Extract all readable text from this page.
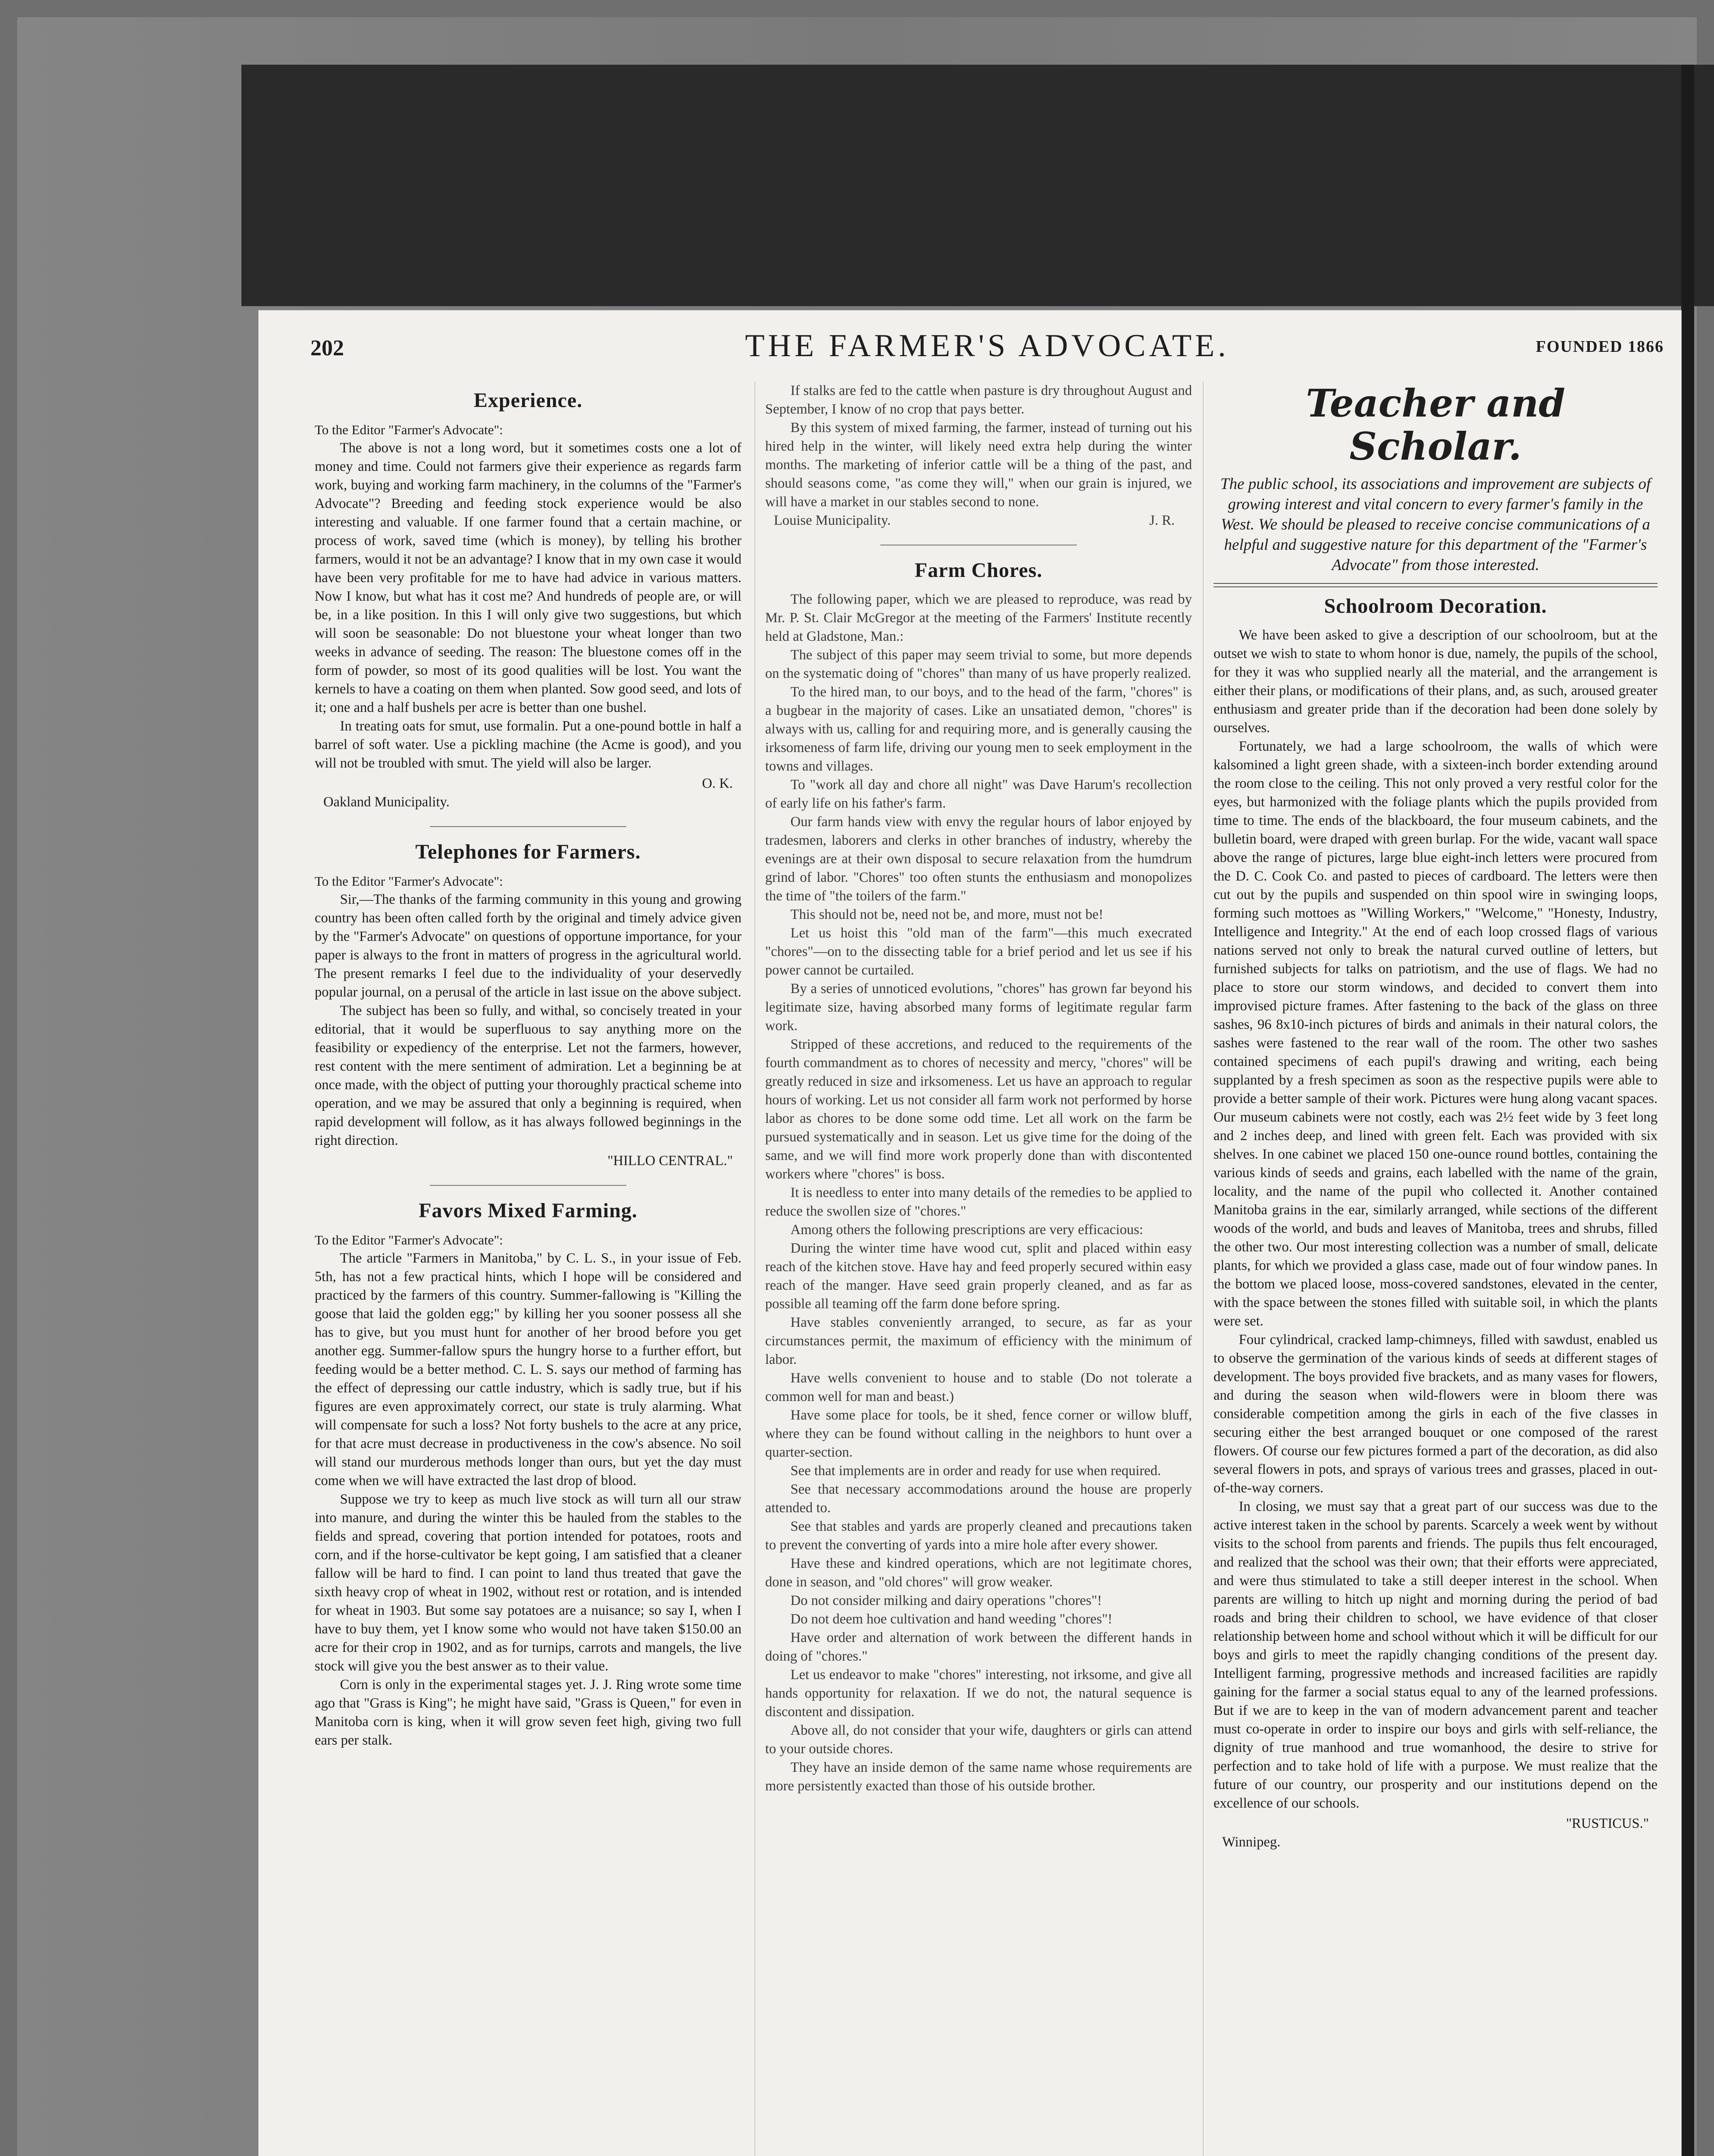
202	THE FARMER'S ADVOCATE.	FOUNDED 1866
Experience.

To the Editor "Farmer's Advocate":

The above is not a long word, but it sometimes costs one a lot of money and time. Could not farmers give their experience as regards farm work, buying and working farm machinery, in the columns of the "Farmer's Advocate"? Breeding and feeding stock experience would be also interesting and valuable. If one farmer found that a certain machine, or process of work, saved time (which is money), by telling his brother farmers, would it not be an advantage? I know that in my own case it would have been very profitable for me to have had advice in various matters. Now I know, but what has it cost me? And hundreds of people are, or will be, in a like position. In this I will only give two suggestions, but which will soon be seasonable: Do not bluestone your wheat longer than two weeks in advance of seeding. The reason: The bluestone comes off in the form of powder, so most of its good qualities will be lost. You want the kernels to have a coating on them when planted. Sow good seed, and lots of it; one and a half bushels per acre is better than one bushel.

In treating oats for smut, use formalin. Put a one-pound bottle in half a barrel of soft water. Use a pickling machine (the Acme is good), and you will not be troubled with smut. The yield will also be larger.

O. K.

Oakland Municipality.

Telephones for Farmers.

To the Editor "Farmer's Advocate":

Sir,—The thanks of the farming community in this young and growing country has been often called forth by the original and timely advice given by the "Farmer's Advocate" on questions of opportune importance, for your paper is always to the front in matters of progress in the agricultural world. The present remarks I feel due to the individuality of your deservedly popular journal, on a perusal of the article in last issue on the above subject.

The subject has been so fully, and withal, so concisely treated in your editorial, that it would be superfluous to say anything more on the feasibility or expediency of the enterprise. Let not the farmers, however, rest content with the mere sentiment of admiration. Let a beginning be at once made, with the object of putting your thoroughly practical scheme into operation, and we may be assured that only a beginning is required, when rapid development will follow, as it has always followed beginnings in the right direction.

"HILLO CENTRAL."

Favors Mixed Farming.

To the Editor "Farmer's Advocate":

The article "Farmers in Manitoba," by C. L. S., in your issue of Feb. 5th, has not a few practical hints, which I hope will be considered and practiced by the farmers of this country. Summer-fallowing is "Killing the goose that laid the golden egg;" by killing her you sooner possess all she has to give, but you must hunt for another of her brood before you get another egg. Summer-fallow spurs the hungry horse to a further effort, but feeding would be a better method. C. L. S. says our method of farming has the effect of depressing our cattle industry, which is sadly true, but if his figures are even approximately correct, our state is truly alarming. What will compensate for such a loss? Not forty bushels to the acre at any price, for that acre must decrease in productiveness in the cow's absence. No soil will stand our murderous methods longer than ours, but yet the day must come when we will have extracted the last drop of blood.

Suppose we try to keep as much live stock as will turn all our straw into manure, and during the winter this be hauled from the stables to the fields and spread, covering that portion intended for potatoes, roots and corn, and if the horse-cultivator be kept going, I am satisfied that a cleaner fallow will be hard to find. I can point to land thus treated that gave the sixth heavy crop of wheat in 1902, without rest or rotation, and is intended for wheat in 1903. But some say potatoes are a nuisance; so say I, when I have to buy them, yet I know some who would not have taken $150.00 an acre for their crop in 1902, and as for turnips, carrots and mangels, the live stock will give you the best answer as to their value.

Corn is only in the experimental stages yet. J. J. Ring wrote some time ago that "Grass is King"; he might have said, "Grass is Queen," for even in Manitoba corn is king, when it will grow seven feet high, giving two full ears per stalk.

If stalks are fed to the cattle when pasture is dry throughout August and September, I know of no crop that pays better.

By this system of mixed farming, the farmer, instead of turning out his hired help in the winter, will likely need extra help during the winter months. The marketing of inferior cattle will be a thing of the past, and should seasons come, "as come they will," when our grain is injured, we will have a market in our stables second to none.

Louise Municipality.	J. R.

Farm Chores.

The following paper, which we are pleased to reproduce, was read by Mr. P. St. Clair McGregor at the meeting of the Farmers' Institute recently held at Gladstone, Man.:

The subject of this paper may seem trivial to some, but more depends on the systematic doing of "chores" than many of us have properly realized.

To the hired man, to our boys, and to the head of the farm, "chores" is a bugbear in the majority of cases. Like an unsatiated demon, "chores" is always with us, calling for and requiring more, and is generally causing the irksomeness of farm life, driving our young men to seek employment in the towns and villages.

To "work all day and chore all night" was Dave Harum's recollection of early life on his father's farm.

Our farm hands view with envy the regular hours of labor enjoyed by tradesmen, laborers and clerks in other branches of industry, whereby the evenings are at their own disposal to secure relaxation from the humdrum grind of labor. "Chores" too often stunts the enthusiasm and monopolizes the time of "the toilers of the farm."

This should not be, need not be, and more, must not be!

Let us hoist this "old man of the farm"—this much execrated "chores"—on to the dissecting table for a brief period and let us see if his power cannot be curtailed.

By a series of unnoticed evolutions, "chores" has grown far beyond his legitimate size, having absorbed many forms of legitimate regular farm work.

Stripped of these accretions, and reduced to the requirements of the fourth commandment as to chores of necessity and mercy, "chores" will be greatly reduced in size and irksomeness. Let us have an approach to regular hours of working. Let us not consider all farm work not performed by horse labor as chores to be done some odd time. Let all work on the farm be pursued systematically and in season. Let us give time for the doing of the same, and we will find more work properly done than with discontented workers where "chores" is boss.

It is needless to enter into many details of the remedies to be applied to reduce the swollen size of "chores."

Among others the following prescriptions are very efficacious:

During the winter time have wood cut, split and placed within easy reach of the kitchen stove. Have hay and feed properly secured within easy reach of the manger. Have seed grain properly cleaned, and as far as possible all teaming off the farm done before spring.

Have stables conveniently arranged, to secure, as far as your circumstances permit, the maximum of efficiency with the minimum of labor.

Have wells convenient to house and to stable (Do not tolerate a common well for man and beast.)

Have some place for tools, be it shed, fence corner or willow bluff, where they can be found without calling in the neighbors to hunt over a quarter-section.

See that implements are in order and ready for use when required.

See that necessary accommodations around the house are properly attended to.

See that stables and yards are properly cleaned and precautions taken to prevent the converting of yards into a mire hole after every shower.

Have these and kindred operations, which are not legitimate chores, done in season, and "old chores" will grow weaker.

Do not consider milking and dairy operations "chores"!

Do not deem hoe cultivation and hand weeding "chores"!

Have order and alternation of work between the different hands in doing of "chores."

Let us endeavor to make "chores" interesting, not irksome, and give all hands opportunity for relaxation. If we do not, the natural sequence is discontent and dissipation.

Above all, do not consider that your wife, daughters or girls can attend to your outside chores.

They have an inside demon of the same name whose requirements are more persistently exacted than those of his outside brother.

Teacher and Scholar.

The public school, its associations and improvement are subjects of growing interest and vital concern to every farmer's family in the West. We should be pleased to receive concise communications of a helpful and suggestive nature for this department of the "Farmer's Advocate" from those interested.

Schoolroom Decoration.

We have been asked to give a description of our schoolroom, but at the outset we wish to state to whom honor is due, namely, the pupils of the school, for they it was who supplied nearly all the material, and the arrangement is either their plans, or modifications of their plans, and, as such, aroused greater enthusiasm and greater pride than if the decoration had been done solely by ourselves.

Fortunately, we had a large schoolroom, the walls of which were kalsomined a light green shade, with a sixteen-inch border extending around the room close to the ceiling. This not only proved a very restful color for the eyes, but harmonized with the foliage plants which the pupils provided from time to time. The ends of the blackboard, the four museum cabinets, and the bulletin board, were draped with green burlap. For the wide, vacant wall space above the range of pictures, large blue eight-inch letters were procured from the D. C. Cook Co. and pasted to pieces of cardboard. The letters were then cut out by the pupils and suspended on thin spool wire in swinging loops, forming such mottoes as "Willing Workers," "Welcome," "Honesty, Industry, Intelligence and Integrity." At the end of each loop crossed flags of various nations served not only to break the natural curved outline of letters, but furnished subjects for talks on patriotism, and the use of flags. We had no place to store our storm windows, and decided to convert them into improvised picture frames. After fastening to the back of the glass on three sashes, 96 8x10-inch pictures of birds and animals in their natural colors, the sashes were fastened to the rear wall of the room. The other two sashes contained specimens of each pupil's drawing and writing, each being supplanted by a fresh specimen as soon as the respective pupils were able to provide a better sample of their work. Pictures were hung along vacant spaces. Our museum cabinets were not costly, each was 2½ feet wide by 3 feet long and 2 inches deep, and lined with green felt. Each was provided with six shelves. In one cabinet we placed 150 one-ounce round bottles, containing the various kinds of seeds and grains, each labelled with the name of the grain, locality, and the name of the pupil who collected it. Another contained Manitoba grains in the ear, similarly arranged, while sections of the different woods of the world, and buds and leaves of Manitoba, trees and shrubs, filled the other two. Our most interesting collection was a number of small, delicate plants, for which we provided a glass case, made out of four window panes. In the bottom we placed loose, moss-covered sandstones, elevated in the center, with the space between the stones filled with suitable soil, in which the plants were set.

Four cylindrical, cracked lamp-chimneys, filled with sawdust, enabled us to observe the germination of the various kinds of seeds at different stages of development. The boys provided five brackets, and as many vases for flowers, and during the season when wild-flowers were in bloom there was considerable competition among the girls in each of the five classes in securing either the best arranged bouquet or one composed of the rarest flowers. Of course our few pictures formed a part of the decoration, as did also several flowers in pots, and sprays of various trees and grasses, placed in out-of-the-way corners.

In closing, we must say that a great part of our success was due to the active interest taken in the school by parents. Scarcely a week went by without visits to the school from parents and friends. The pupils thus felt encouraged, and realized that the school was their own; that their efforts were appreciated, and were thus stimulated to take a still deeper interest in the school. When parents are willing to hitch up night and morning during the period of bad roads and bring their children to school, we have evidence of that closer relationship between home and school without which it will be difficult for our boys and girls to meet the rapidly changing conditions of the present day. Intelligent farming, progressive methods and increased facilities are rapidly gaining for the farmer a social status equal to any of the learned professions. But if we are to keep in the van of modern advancement parent and teacher must co-operate in order to inspire our boys and girls with self-reliance, the dignity of true manhood and true womanhood, the desire to strive for perfection and to take hold of life with a purpose. We must realize that the future of our country, our prosperity and our institutions depend on the excellence of our schools.

"RUSTICUS."

Winnipeg.
